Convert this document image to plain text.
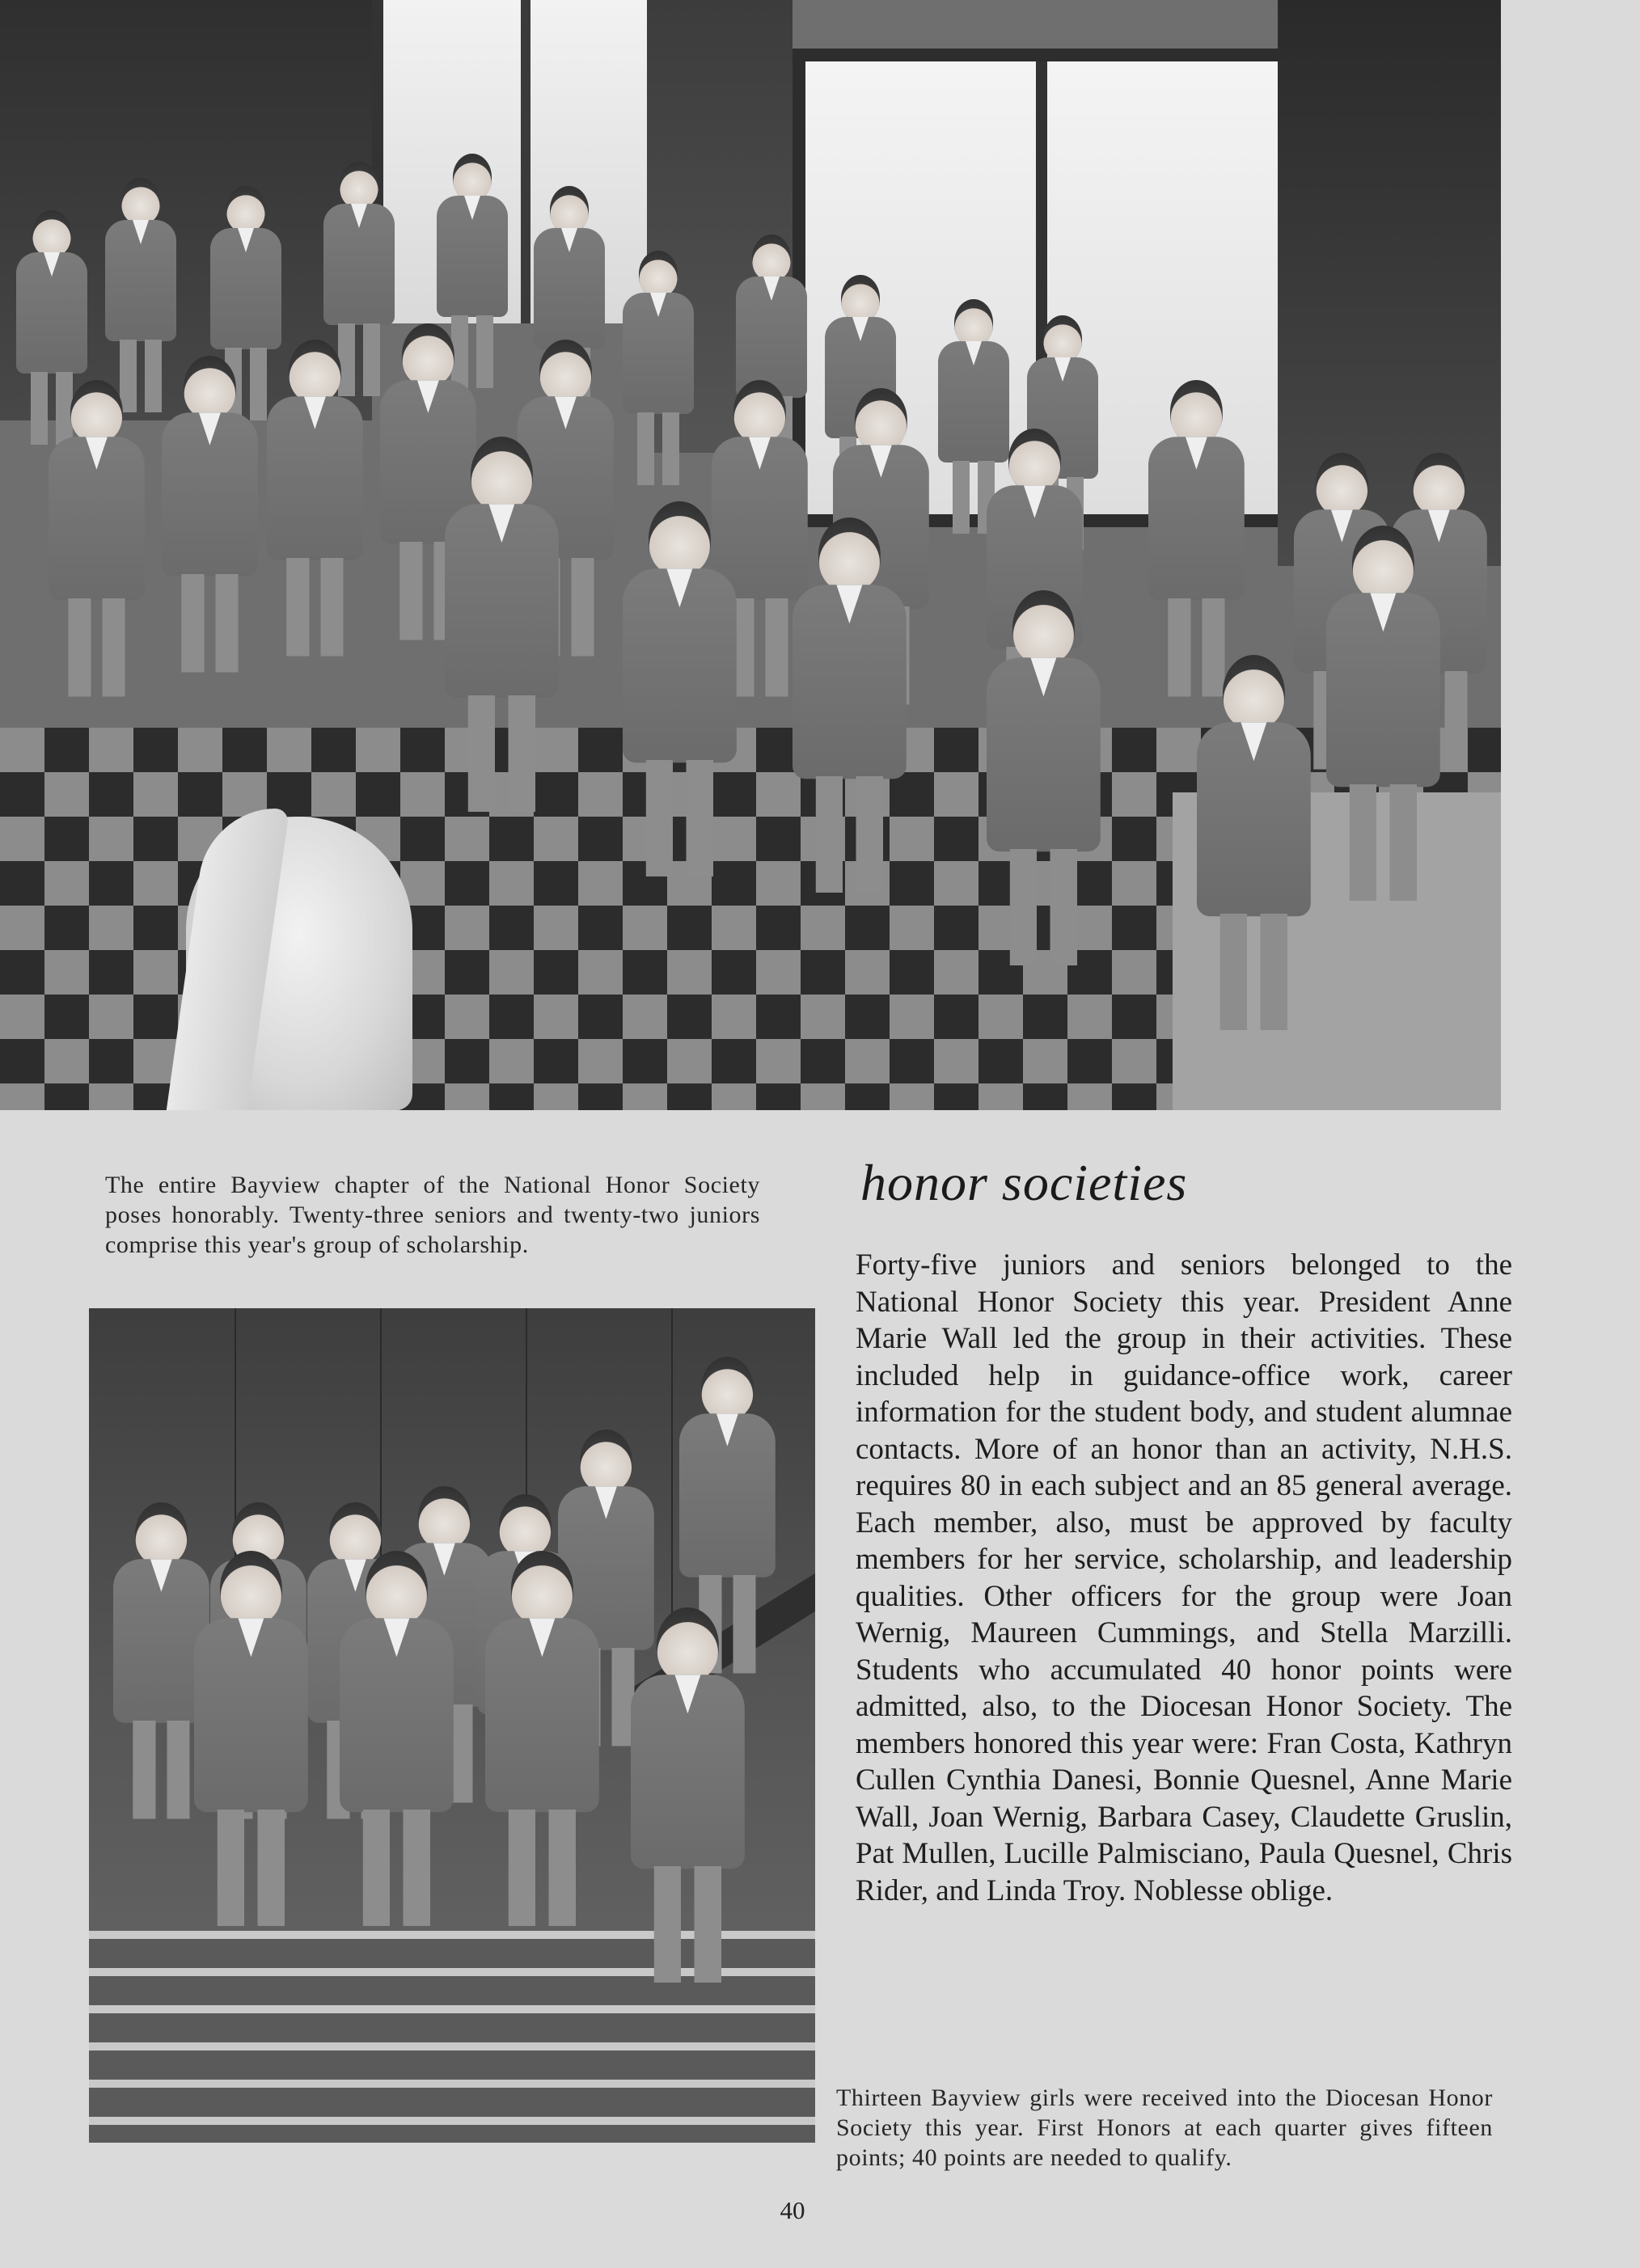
The entire Bayview chapter of the National Honor Society poses honorably. Twenty-three seniors and twenty-two juniors comprise this year's group of scholarship.

honor societies

Forty-five juniors and seniors belonged to the National Honor Society this year. President Anne Marie Wall led the group in their activities. These included help in guidance-office work, career information for the student body, and student alumnae contacts. More of an honor than an activity, N.H.S. requires 80 in each subject and an 85 general average. Each member, also, must be approved by faculty members for her service, scholarship, and leadership qualities. Other officers for the group were Joan Wernig, Maureen Cummings, and Stella Marzilli. Students who accumulated 40 honor points were admitted, also, to the Diocesan Honor Society. The members honored this year were: Fran Costa, Kathryn Cullen Cynthia Danesi, Bonnie Quesnel, Anne Marie Wall, Joan Wernig, Barbara Casey, Claudette Gruslin, Pat Mullen, Lucille Palmisciano, Paula Quesnel, Chris Rider, and Linda Troy. Noblesse oblige.

Thirteen Bayview girls were received into the Diocesan Honor Society this year. First Honors at each quarter gives fifteen points; 40 points are needed to qualify.

40
